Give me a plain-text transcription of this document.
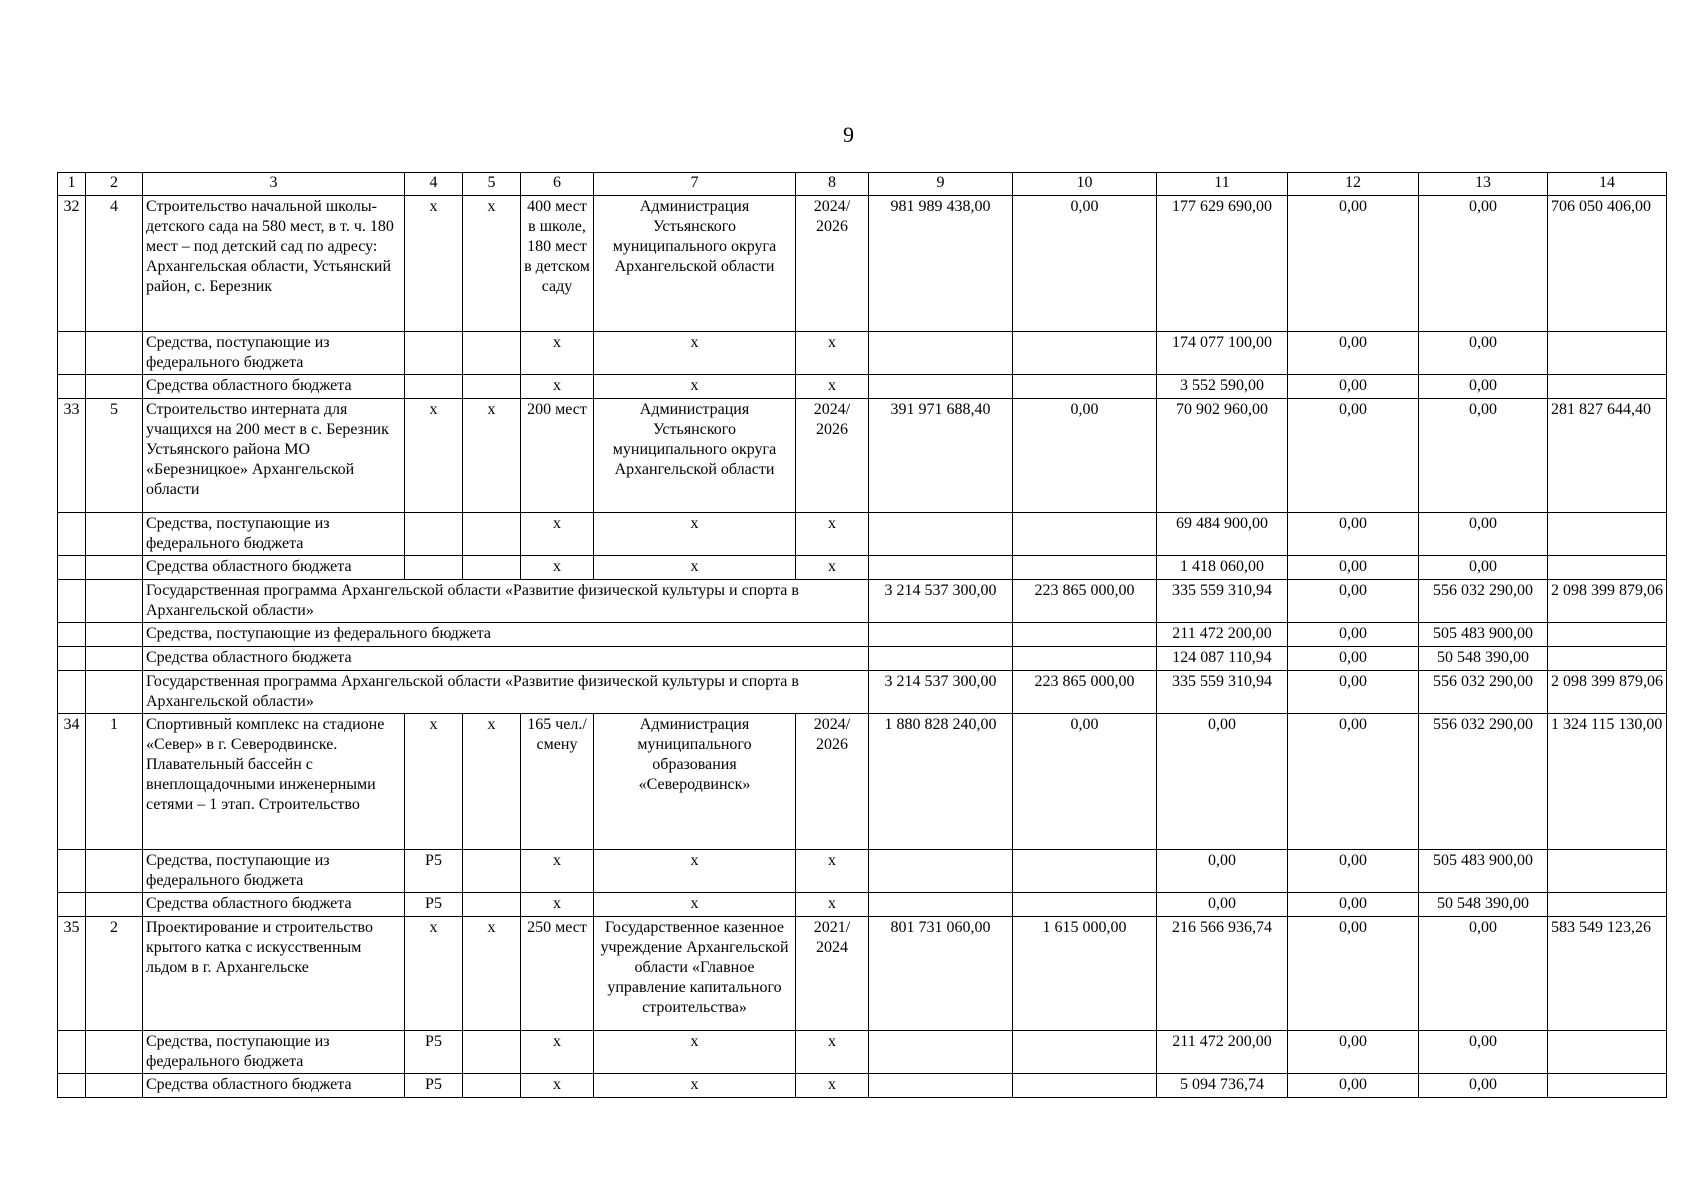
9
1	2	3	4	5	6	7	8	9	10	11	12	13	14
32	4	Строительство начальной школы-детского сада на 580 мест, в т. ч. 180 мест – под детский сад по адресу: Архангельская области, Устьянский район, с. Березник	х	х	400 мест в школе, 180 мест в детском саду	Администрация Устьянского муниципального округа Архангельской области	2024/ 2026	981 989 438,00	0,00	177 629 690,00	0,00	0,00	706 050 406,00
		Средства, поступающие из федерального бюджета			х	х	х			174 077 100,00	0,00	0,00	
		Средства областного бюджета			х	х	х			3 552 590,00	0,00	0,00	
33	5	Строительство интерната для учащихся на 200 мест в с. Березник Устьянского района МО «Березницкое» Архангельской области	х	х	200 мест	Администрация Устьянского муниципального округа Архангельской области	2024/ 2026	391 971 688,40	0,00	70 902 960,00	0,00	0,00	281 827 644,40
		Средства, поступающие из федерального бюджета			х	х	х			69 484 900,00	0,00	0,00	
		Средства областного бюджета			х	х	х			1 418 060,00	0,00	0,00	
		Государственная программа Архангельской области «Развитие физической культуры и спорта в Архангельской области»						3 214 537 300,00	223 865 000,00	335 559 310,94	0,00	556 032 290,00	2 098 399 879,06
		Средства, поступающие из федерального бюджета								211 472 200,00	0,00	505 483 900,00	
		Средства областного бюджета								124 087 110,94	0,00	50 548 390,00	
		Государственная программа Архангельской области «Развитие физической культуры и спорта в Архангельской области»						3 214 537 300,00	223 865 000,00	335 559 310,94	0,00	556 032 290,00	2 098 399 879,06
34	1	Спортивный комплекс на стадионе «Север» в г. Северодвинске. Плавательный бассейн с внеплощадочными инженерными сетями – 1 этап. Строительство	х	х	165 чел./ смену	Администрация муниципального образования «Северодвинск»	2024/ 2026	1 880 828 240,00	0,00	0,00	0,00	556 032 290,00	1 324 115 130,00
		Средства, поступающие из федерального бюджета	Р5		х	х	х			0,00	0,00	505 483 900,00	
		Средства областного бюджета	Р5		х	х	х			0,00	0,00	50 548 390,00	
35	2	Проектирование и строительство крытого катка с искусственным льдом в г. Архангельске	х	х	250 мест	Государственное казенное учреждение Архангельской области «Главное управление капитального строительства»	2021/ 2024	801 731 060,00	1 615 000,00	216 566 936,74	0,00	0,00	583 549 123,26
		Средства, поступающие из федерального бюджета	Р5		х	х	х			211 472 200,00	0,00	0,00	
		Средства областного бюджета	Р5		х	х	х			5 094 736,74	0,00	0,00	
